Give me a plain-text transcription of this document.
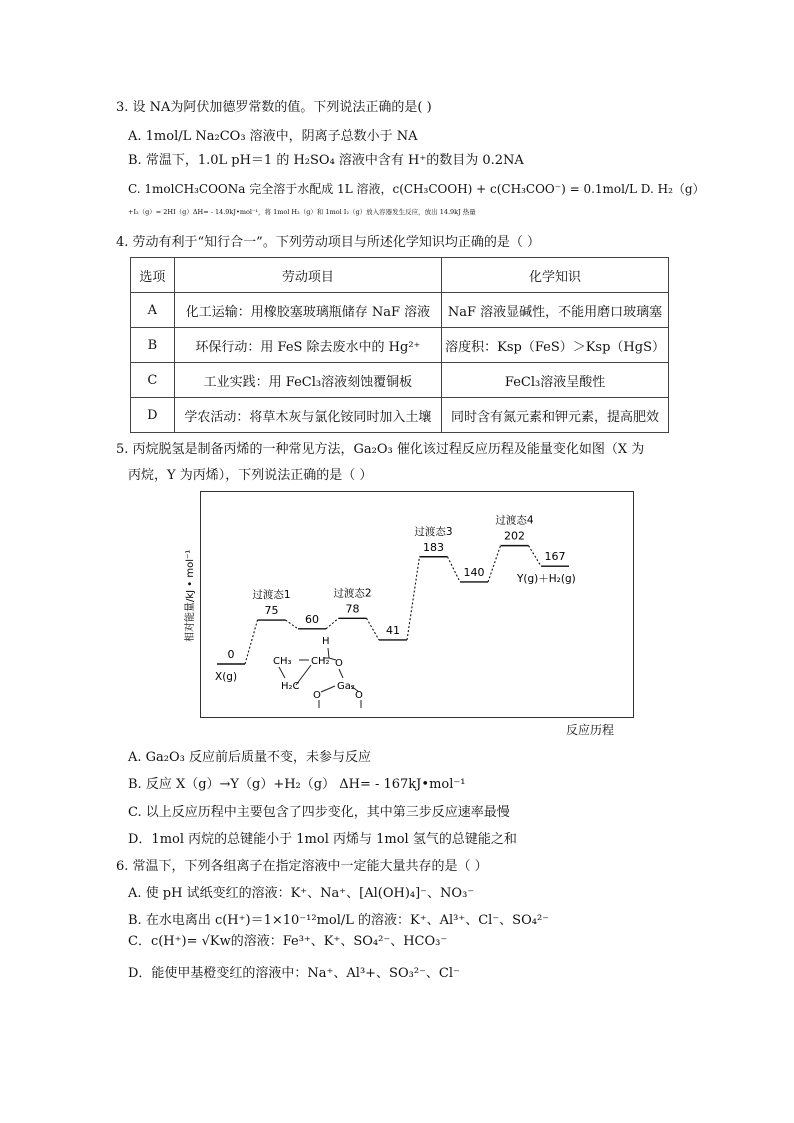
3. 设 NA为阿伏加德罗常数的值。下列说法正确的是( )
A. 1mol/L Na₂CO₃ 溶液中，阴离子总数小于 NA
B. 常温下，1.0L pH＝1 的 H₂SO₄ 溶液中含有 H⁺的数目为 0.2NA
C. 1molCH₃COONa 完全溶于水配成 1L 溶液，c(CH₃COOH) + c(CH₃COO⁻) = 0.1mol/L D. H₂（g）
+I₂（g）= 2HI（g）ΔH= - 14.9kJ•mol⁻¹，将 1mol H₂（g）和 1mol I₂（g）放入容器发生反应，放出 14.9kJ 热量
4. 劳动有利于“知行合一”。下列劳动项目与所述化学知识均正确的是（ ）
选项	劳动项目	化学知识
A	化工运输：用橡胶塞玻璃瓶储存 NaF 溶液	NaF 溶液显碱性，不能用磨口玻璃塞
B	环保行动：用 FeS 除去废水中的 Hg²⁺	溶度积：Ksp（FeS）＞Ksp（HgS）
C	工业实践：用 FeCl₃溶液刻蚀覆铜板	FeCl₃溶液呈酸性
D	学农活动：将草木灰与氯化铵同时加入土壤	同时含有氮元素和钾元素，提高肥效
5. 丙烷脱氢是制备丙烯的一种常见方法，Ga₂O₃ 催化该过程反应历程及能量变化如图（X 为
丙烷，Y 为丙烯），下列说法正确的是（ ）
相对能量/kJ • mol⁻¹
0
X(g)
75
过渡态1
60
78
过渡态2
41
183
过渡态3
140
202
过渡态4
167
Y(g)＋H₂(g)
CH₃
H₂C
CH₂
H
O
Ga₂
O	O
反应历程
A. Ga₂O₃ 反应前后质量不变，未参与反应
B. 反应 X（g）→Y（g）+H₂（g） ΔH= - 167kJ•mol⁻¹
C. 以上反应历程中主要包含了四步变化，其中第三步反应速率最慢
D．1mol 丙烷的总键能小于 1mol 丙烯与 1mol 氢气的总键能之和
6. 常温下，下列各组离子在指定溶液中一定能大量共存的是（ ）
A. 使 pH 试纸变红的溶液：K⁺、Na⁺、[Al(OH)₄]⁻、NO₃⁻
B. 在水电离出 c(H⁺)＝1×10⁻¹²mol/L 的溶液：K⁺、Al³⁺、Cl⁻、SO₄²⁻
C．c(H⁺)= √Kw的溶液：Fe³⁺、K⁺、SO₄²⁻、HCO₃⁻
D．能使甲基橙变红的溶液中：Na⁺、Al³+、SO₃²⁻、Cl⁻
